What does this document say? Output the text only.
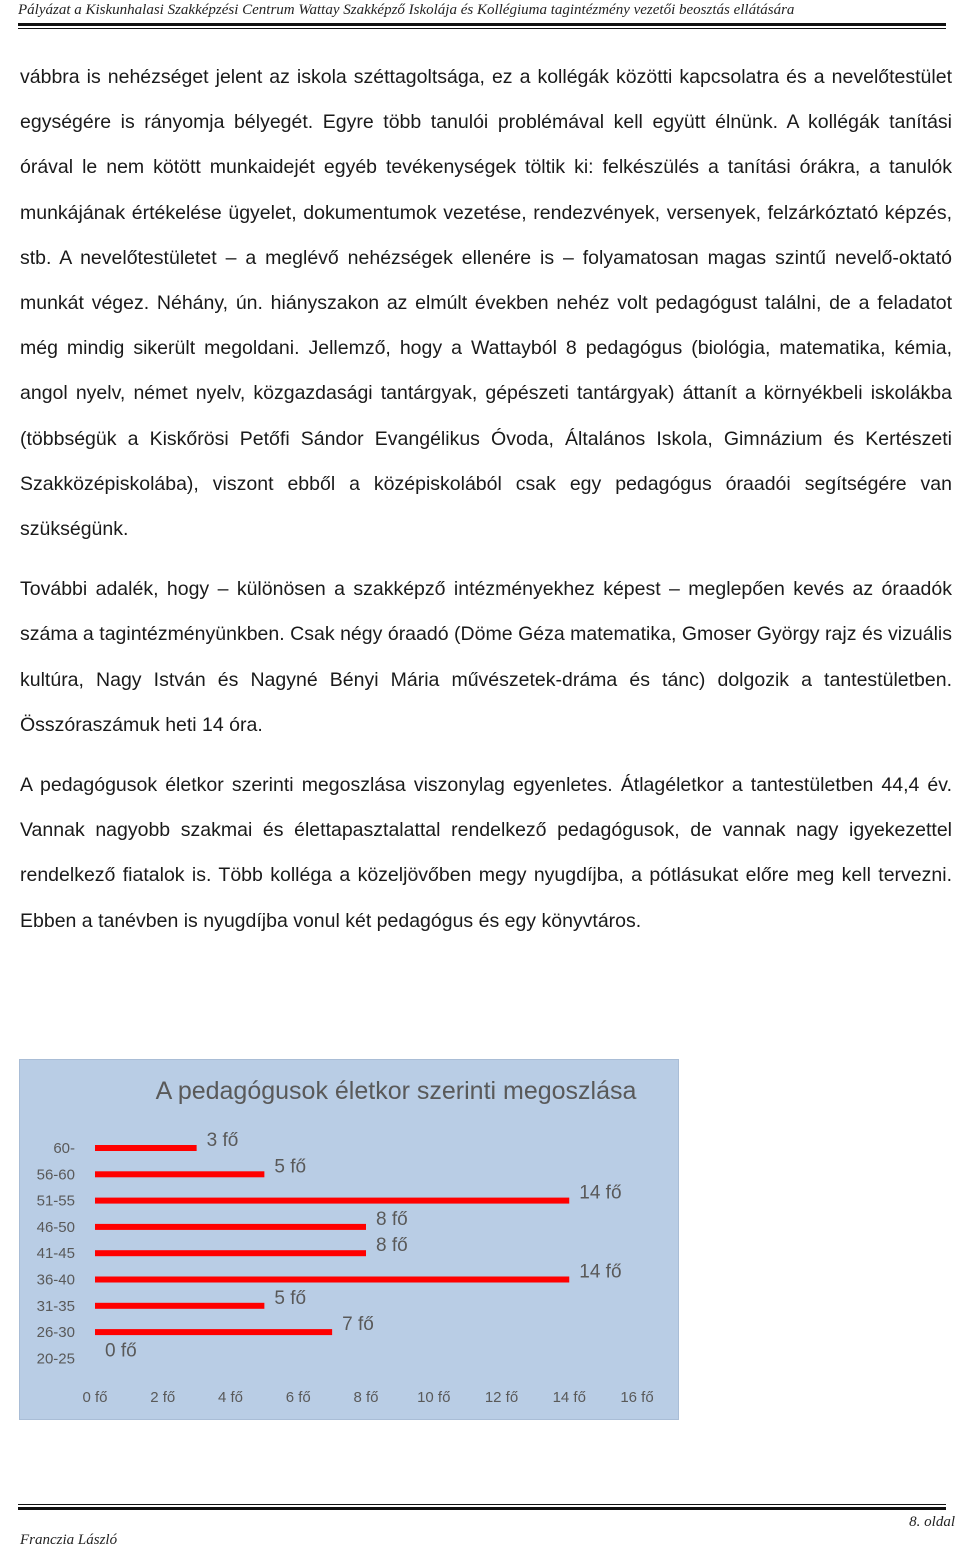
Pályázat a Kiskunhalasi Szakképzési Centrum Wattay Szakképző Iskolája és Kollégiuma tagintézmény vezetői beosztás ellátására

vábbra is nehézséget jelent az iskola széttagoltsága, ez a kollégák közötti kapcsolatra és a nevelőtestület egységére is rányomja bélyegét. Egyre több tanulói problémával kell együtt élnünk. A kollégák tanítási órával le nem kötött munkaidejét egyéb tevékenységek töltik ki: felkészülés a tanítási órákra, a tanulók munkájának értékelése ügyelet, dokumentumok vezetése, rendezvények, versenyek, felzárkóztató képzés, stb. A nevelőtestületet – a meglévő nehézségek ellenére is – folyamatosan magas szintű nevelő-oktató munkát végez. Néhány, ún. hiányszakon az elmúlt években nehéz volt pedagógust találni, de a feladatot még mindig sikerült megoldani. Jellemző, hogy a Wattayból 8 pedagógus (biológia, matematika, kémia, angol nyelv, német nyelv, közgazdasági tantárgyak, gépészeti tantárgyak) áttanít a környékbeli iskolákba (többségük a Kiskőrösi Petőfi Sándor Evangélikus Óvoda, Általános Iskola, Gimnázium és Kertészeti Szakközépiskolába), viszont ebből a középiskolából csak egy pedagógus óraadói segítségére van szükségünk.

További adalék, hogy – különösen a szakképző intézményekhez képest – meglepően kevés az óraadók száma a tagintézményünkben. Csak négy óraadó (Döme Géza matematika, Gmoser György rajz és vizuális kultúra, Nagy István és Nagyné Bényi Mária művészetek-dráma és tánc) dolgozik a tantestületben. Összóraszámuk heti 14 óra.

A pedagógusok életkor szerinti megoszlása viszonylag egyenletes. Átlagéletkor a tantestületben 44,4 év. Vannak nagyobb szakmai és élettapasztalattal rendelkező pedagógusok, de vannak nagy igyekezettel rendelkező fiatalok is. Több kolléga a közeljövőben megy nyugdíjba, a pótlásukat előre meg kell tervezni. Ebben a tanévben is nyugdíjba vonul két pedagógus és egy könyvtáros.

60-	3 fő
56-60	5 fő
51-55	14 fő
46-50	8 fő
41-45	8 fő
36-40	14 fő
31-35	5 fő
26-30	7 fő
20-25 0 fő
0 fő	2 fő	4 fő	6 fő	8 fő	10 fő 12 fő 14 fő 16 fő
A pedagógusok életkor szerinti megoszlása
Franczia László
8. oldal
